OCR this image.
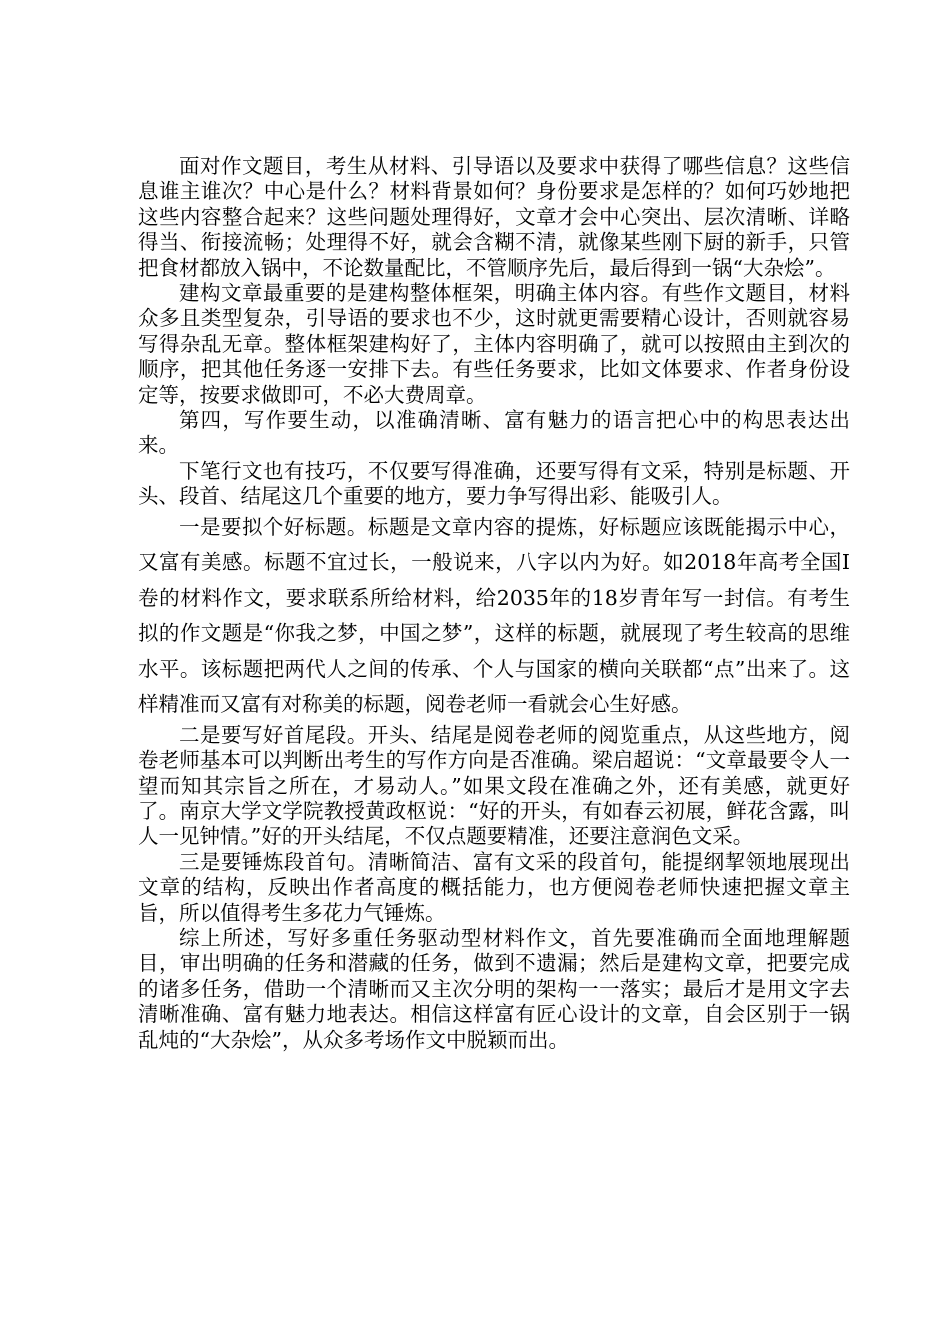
面对作文题目，考生从材料、引导语以及要求中获得了哪些信息？这些信息谁主谁次？中心是什么？材料背景如何？身份要求是怎样的？如何巧妙地把这些内容整合起来？这些问题处理得好，文章才会中心突出、层次清晰、详略得当、衔接流畅；处理得不好，就会含糊不清，就像某些刚下厨的新手，只管把食材都放入锅中，不论数量配比，不管顺序先后，最后得到一锅“大杂烩”。

建构文章最重要的是建构整体框架，明确主体内容。有些作文题目，材料众多且类型复杂，引导语的要求也不少，这时就更需要精心设计，否则就容易写得杂乱无章。整体框架建构好了，主体内容明确了，就可以按照由主到次的顺序，把其他任务逐一安排下去。有些任务要求，比如文体要求、作者身份设定等，按要求做即可，不必大费周章。

第四，写作要生动，以准确清晰、富有魅力的语言把心中的构思表达出来。

下笔行文也有技巧，不仅要写得准确，还要写得有文采，特别是标题、开头、段首、结尾这几个重要的地方，要力争写得出彩、能吸引人。

一是要拟个好标题。标题是文章内容的提炼，好标题应该既能揭示中心，又富有美感。标题不宜过长，一般说来，八字以内为好。如2018年高考全国Ⅰ卷的材料作文，要求联系所给材料，给2035年的18岁青年写一封信。有考生拟的作文题是“你我之梦，中国之梦”，这样的标题，就展现了考生较高的思维水平。该标题把两代人之间的传承、个人与国家的横向关联都“点”出来了。这样精准而又富有对称美的标题，阅卷老师一看就会心生好感。

二是要写好首尾段。开头、结尾是阅卷老师的阅览重点，从这些地方，阅卷老师基本可以判断出考生的写作方向是否准确。梁启超说：“文章最要令人一望而知其宗旨之所在，才易动人。”如果文段在准确之外，还有美感，就更好了。南京大学文学院教授黄政枢说：“好的开头，有如春云初展，鲜花含露，叫人一见钟情。”好的开头结尾，不仅点题要精准，还要注意润色文采。

三是要锤炼段首句。清晰简洁、富有文采的段首句，能提纲挈领地展现出文章的结构，反映出作者高度的概括能力，也方便阅卷老师快速把握文章主旨，所以值得考生多花力气锤炼。

综上所述，写好多重任务驱动型材料作文，首先要准确而全面地理解题目，审出明确的任务和潜藏的任务，做到不遗漏；然后是建构文章，把要完成的诸多任务，借助一个清晰而又主次分明的架构一一落实；最后才是用文字去清晰准确、富有魅力地表达。相信这样富有匠心设计的文章，自会区别于一锅乱炖的“大杂烩”，从众多考场作文中脱颖而出。
